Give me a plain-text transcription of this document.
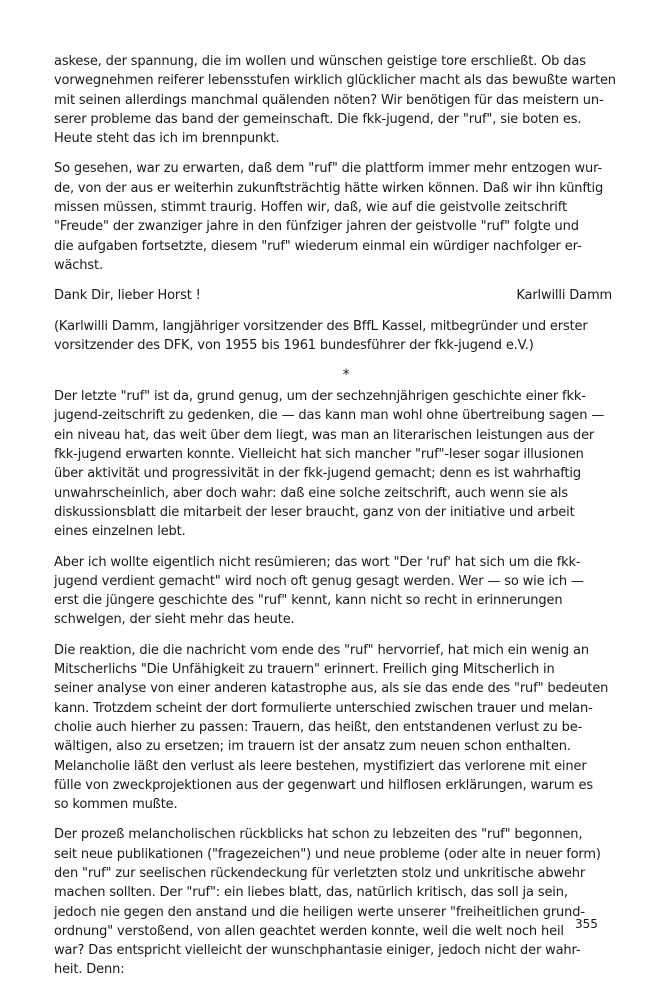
askese, der spannung, die im wollen und wünschen geistige tore erschließt. Ob das
vorwegnehmen reiferer lebensstufen wirklich glücklicher macht als das bewußte warten
mit seinen allerdings manchmal quälenden nöten? Wir benötigen für das meistern un-
serer probleme das band der gemeinschaft. Die fkk-jugend, der "ruf", sie boten es.
Heute steht das ich im brennpunkt.

So gesehen, war zu erwarten, daß dem "ruf" die plattform immer mehr entzogen wur-
de, von der aus er weiterhin zukunftsträchtig hätte wirken können. Daß wir ihn künftig
missen müssen, stimmt traurig. Hoffen wir, daß, wie auf die geistvolle zeitschrift
"Freude" der zwanziger jahre in den fünfziger jahren der geistvolle "ruf" folgte und
die aufgaben fortsetzte, diesem "ruf" wiederum einmal ein würdiger nachfolger er-
wächst.

Dank Dir, lieber Horst !	Karlwilli Damm

(Karlwilli Damm, langjähriger vorsitzender des BffL Kassel, mitbegründer und erster
vorsitzender des DFK, von 1955 bis 1961 bundesführer der fkk-jugend e.V.)

*

Der letzte "ruf" ist da, grund genug, um der sechzehnjährigen geschichte einer fkk-
jugend-zeitschrift zu gedenken, die — das kann man wohl ohne übertreibung sagen —
ein niveau hat, das weit über dem liegt, was man an literarischen leistungen aus der
fkk-jugend erwarten konnte. Vielleicht hat sich mancher "ruf"-leser sogar illusionen
über aktivität und progressivität in der fkk-jugend gemacht; denn es ist wahrhaftig
unwahrscheinlich, aber doch wahr: daß eine solche zeitschrift, auch wenn sie als
diskussionsblatt die mitarbeit der leser braucht, ganz von der initiative und arbeit
eines einzelnen lebt.

Aber ich wollte eigentlich nicht resümieren; das wort "Der 'ruf' hat sich um die fkk-
jugend verdient gemacht" wird noch oft genug gesagt werden. Wer — so wie ich —
erst die jüngere geschichte des "ruf" kennt, kann nicht so recht in erinnerungen
schwelgen, der sieht mehr das heute.

Die reaktion, die die nachricht vom ende des "ruf" hervorrief, hat mich ein wenig an
Mitscherlichs "Die Unfähigkeit zu trauern" erinnert. Freilich ging Mitscherlich in
seiner analyse von einer anderen katastrophe aus, als sie das ende des "ruf" bedeuten
kann. Trotzdem scheint der dort formulierte unterschied zwischen trauer und melan-
cholie auch hierher zu passen: Trauern, das heißt, den entstandenen verlust zu be-
wältigen, also zu ersetzen; im trauern ist der ansatz zum neuen schon enthalten.
Melancholie läßt den verlust als leere bestehen, mystifiziert das verlorene mit einer
fülle von zweckprojektionen aus der gegenwart und hilflosen erklärungen, warum es
so kommen mußte.

Der prozeß melancholischen rückblicks hat schon zu lebzeiten des "ruf" begonnen,
seit neue publikationen ("fragezeichen") und neue probleme (oder alte in neuer form)
den "ruf" zur seelischen rückendeckung für verletzten stolz und unkritische abwehr
machen sollten. Der "ruf": ein liebes blatt, das, natürlich kritisch, das soll ja sein,
jedoch nie gegen den anstand und die heiligen werte unserer "freiheitlichen grund-
ordnung" verstoßend, von allen geachtet werden konnte, weil die welt noch heil
war? Das entspricht vielleicht der wunschphantasie einiger, jedoch nicht der wahr-
heit. Denn:

355
